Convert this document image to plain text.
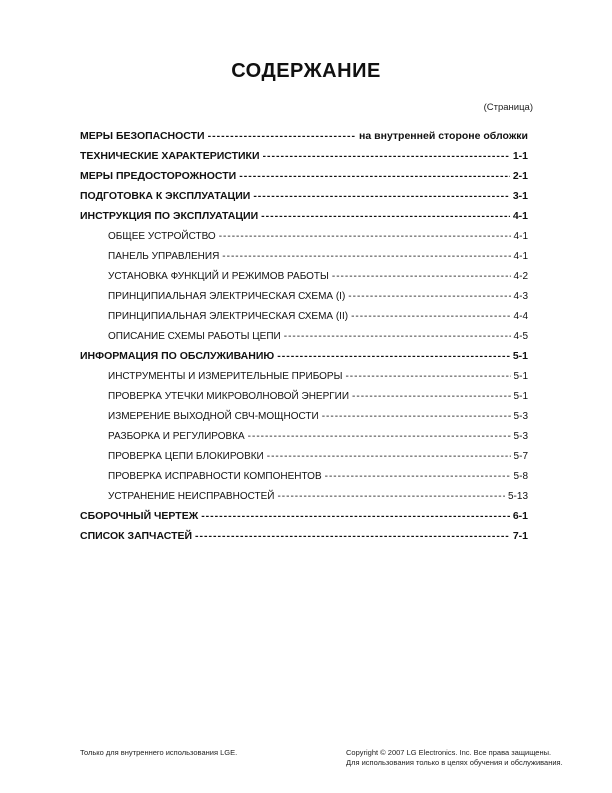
СОДЕРЖАНИЕ
(Страница)
МЕРЫ БЕЗОПАСНОСТИ -----	на внутренней стороне обложки
ТЕХНИЧЕСКИЕ ХАРАКТЕРИСТИКИ -----	1-1
МЕРЫ ПРЕДОСТОРОЖНОСТИ -----	2-1
ПОДГОТОВКА К ЭКСПЛУАТАЦИИ -----	3-1
ИНСТРУКЦИЯ ПО ЭКСПЛУАТАЦИИ -----	4-1
ОБЩЕЕ УСТРОЙСТВО -----	4-1
ПАНЕЛЬ УПРАВЛЕНИЯ -----	4-1
УСТАНОВКА ФУНКЦИЙ И РЕЖИМОВ РАБОТЫ -----	4-2
ПРИНЦИПИАЛЬНАЯ ЭЛЕКТРИЧЕСКАЯ СХЕМА (I) -----	4-3
ПРИНЦИПИАЛЬНАЯ ЭЛЕКТРИЧЕСКАЯ СХЕМА (II) -----	4-4
ОПИСАНИЕ СХЕМЫ РАБОТЫ ЦЕПИ -----	4-5
ИНФОРМАЦИЯ ПО ОБСЛУЖИВАНИЮ -----	5-1
ИНСТРУМЕНТЫ И ИЗМЕРИТЕЛЬНЫЕ ПРИБОРЫ -----	5-1
ПРОВЕРКА УТЕЧКИ МИКРОВОЛНОВОЙ ЭНЕРГИИ -----	5-1
ИЗМЕРЕНИЕ ВЫХОДНОЙ СВЧ-МОЩНОСТИ -----	5-3
РАЗБОРКА И РЕГУЛИРОВКА -----	5-3
ПРОВЕРКА ЦЕПИ БЛОКИРОВКИ -----	5-7
ПРОВЕРКА ИСПРАВНОСТИ КОМПОНЕНТОВ -----	5-8
УСТРАНЕНИЕ НЕИСПРАВНОСТЕЙ -----	5-13
СБОРОЧНЫЙ ЧЕРТЕЖ -----	6-1
СПИСОК ЗАПЧАСТЕЙ -----	7-1
Только для внутреннего использования LGE.	Copyright © 2007 LG Electronics. Inc. Все права защищены.
Для использования только в целях обучения и обслуживания.
